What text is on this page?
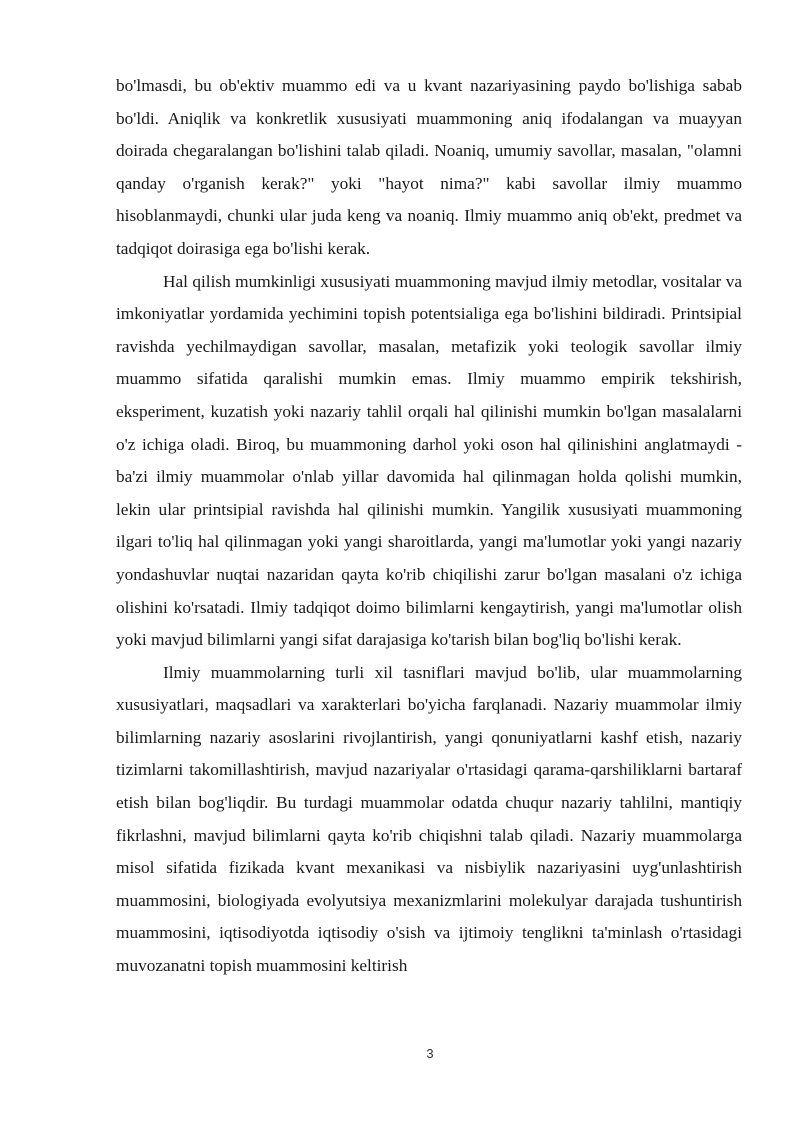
bo'lmasdi, bu ob'ektiv muammo edi va u kvant nazariyasining paydo bo'lishiga sabab bo'ldi. Aniqlik va konkretlik xususiyati muammoning aniq ifodalangan va muayyan doirada chegaralangan bo'lishini talab qiladi. Noaniq, umumiy savollar, masalan, "olamni qanday o'rganish kerak?" yoki "hayot nima?" kabi savollar ilmiy muammo hisoblanmaydi, chunki ular juda keng va noaniq. Ilmiy muammo aniq ob'ekt, predmet va tadqiqot doirasiga ega bo'lishi kerak.

Hal qilish mumkinligi xususiyati muammoning mavjud ilmiy metodlar, vositalar va imkoniyatlar yordamida yechimini topish potentsialiga ega bo'lishini bildiradi. Printsipial ravishda yechilmaydigan savollar, masalan, metafizik yoki teologik savollar ilmiy muammo sifatida qaralishi mumkin emas. Ilmiy muammo empirik tekshirish, eksperiment, kuzatish yoki nazariy tahlil orqali hal qilinishi mumkin bo'lgan masalalarni o'z ichiga oladi. Biroq, bu muammoning darhol yoki oson hal qilinishini anglatmaydi - ba'zi ilmiy muammolar o'nlab yillar davomida hal qilinmagan holda qolishi mumkin, lekin ular printsipial ravishda hal qilinishi mumkin. Yangilik xususiyati muammoning ilgari to'liq hal qilinmagan yoki yangi sharoitlarda, yangi ma'lumotlar yoki yangi nazariy yondashuvlar nuqtai nazaridan qayta ko'rib chiqilishi zarur bo'lgan masalani o'z ichiga olishini ko'rsatadi. Ilmiy tadqiqot doimo bilimlarni kengaytirish, yangi ma'lumotlar olish yoki mavjud bilimlarni yangi sifat darajasiga ko'tarish bilan bog'liq bo'lishi kerak.

Ilmiy muammolarning turli xil tasniflari mavjud bo'lib, ular muammolarning xususiyatlari, maqsadlari va xarakterlari bo'yicha farqlanadi. Nazariy muammolar ilmiy bilimlarning nazariy asoslarini rivojlantirish, yangi qonuniyatlarni kashf etish, nazariy tizimlarni takomillashtirish, mavjud nazariyalar o'rtasidagi qarama-qarshiliklarni bartaraf etish bilan bog'liqdir. Bu turdagi muammolar odatda chuqur nazariy tahlilni, mantiqiy fikrlashni, mavjud bilimlarni qayta ko'rib chiqishni talab qiladi. Nazariy muammolarga misol sifatida fizikada kvant mexanikasi va nisbiylik nazariyasini uyg'unlashtirish muammosini, biologiyada evolyutsiya mexanizmlarini molekulyar darajada tushuntirish muammosini, iqtisodiyotda iqtisodiy o'sish va ijtimoiy tenglikni ta'minlash o'rtasidagi muvozanatni topish muammosini keltirish

3
